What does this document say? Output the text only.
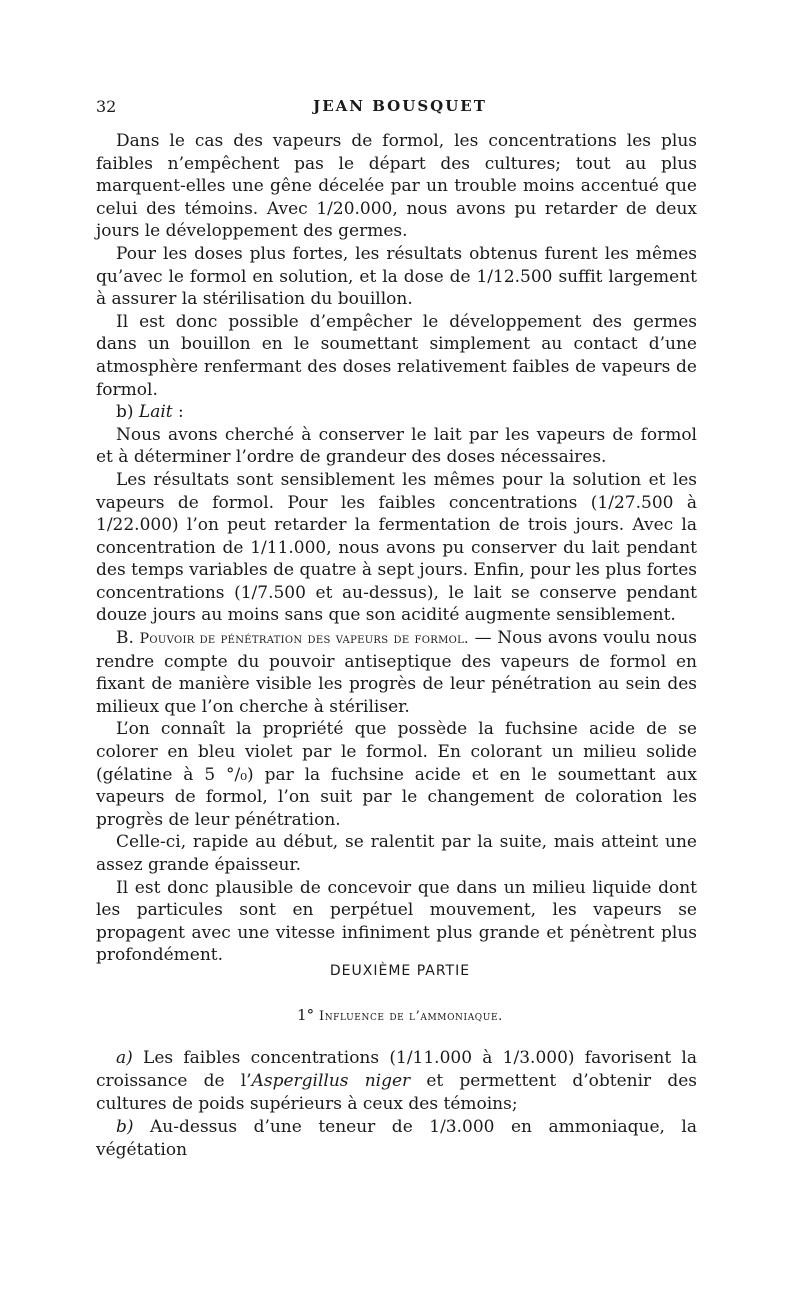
32	JEAN BOUSQUET

Dans le cas des vapeurs de formol, les concentrations les plus faibles n’empêchent pas le départ des cultures; tout au plus marquent-elles une gêne décelée par un trouble moins accentué que celui des témoins. Avec 1/20.000, nous avons pu retarder de deux jours le développement des germes.

Pour les doses plus fortes, les résultats obtenus furent les mêmes qu’avec le formol en solution, et la dose de 1/12.500 suffit largement à assurer la stérilisation du bouillon.

Il est donc possible d’empêcher le développement des germes dans un bouillon en le soumettant simplement au contact d’une atmosphère renfermant des doses relativement faibles de vapeurs de formol.

b) Lait :

Nous avons cherché à conserver le lait par les vapeurs de formol et à déterminer l’ordre de grandeur des doses nécessaires.

Les résultats sont sensiblement les mêmes pour la solution et les vapeurs de formol. Pour les faibles concentrations (1/27.500 à 1/22.000) l’on peut retarder la fermentation de trois jours. Avec la concentration de 1/11.000, nous avons pu conserver du lait pendant des temps variables de quatre à sept jours. Enfin, pour les plus fortes concentrations (1/7.500 et au-dessus), le lait se conserve pendant douze jours au moins sans que son acidité augmente sensiblement.

B. Pouvoir de pénétration des vapeurs de formol. — Nous avons voulu nous rendre compte du pouvoir antiseptique des vapeurs de formol en fixant de manière visible les progrès de leur pénétration au sein des milieux que l’on cherche à stériliser.

L’on connaît la propriété que possède la fuchsine acide de se colorer en bleu violet par le formol. En colorant un milieu solide (gélatine à 5 °/₀) par la fuchsine acide et en le soumettant aux vapeurs de formol, l’on suit par le changement de coloration les progrès de leur pénétration.

Celle-ci, rapide au début, se ralentit par la suite, mais atteint une assez grande épaisseur.

Il est donc plausible de concevoir que dans un milieu liquide dont les particules sont en perpétuel mouvement, les vapeurs se propagent avec une vitesse infiniment plus grande et pénètrent plus profondément.

DEUXIÈME PARTIE
1° Influence de l’ammoniaque.

a) Les faibles concentrations (1/11.000 à 1/3.000) favorisent la croissance de l’Aspergillus niger et permettent d’obtenir des cultures de poids supérieurs à ceux des témoins;

b) Au-dessus d’une teneur de 1/3.000 en ammoniaque, la végétation
